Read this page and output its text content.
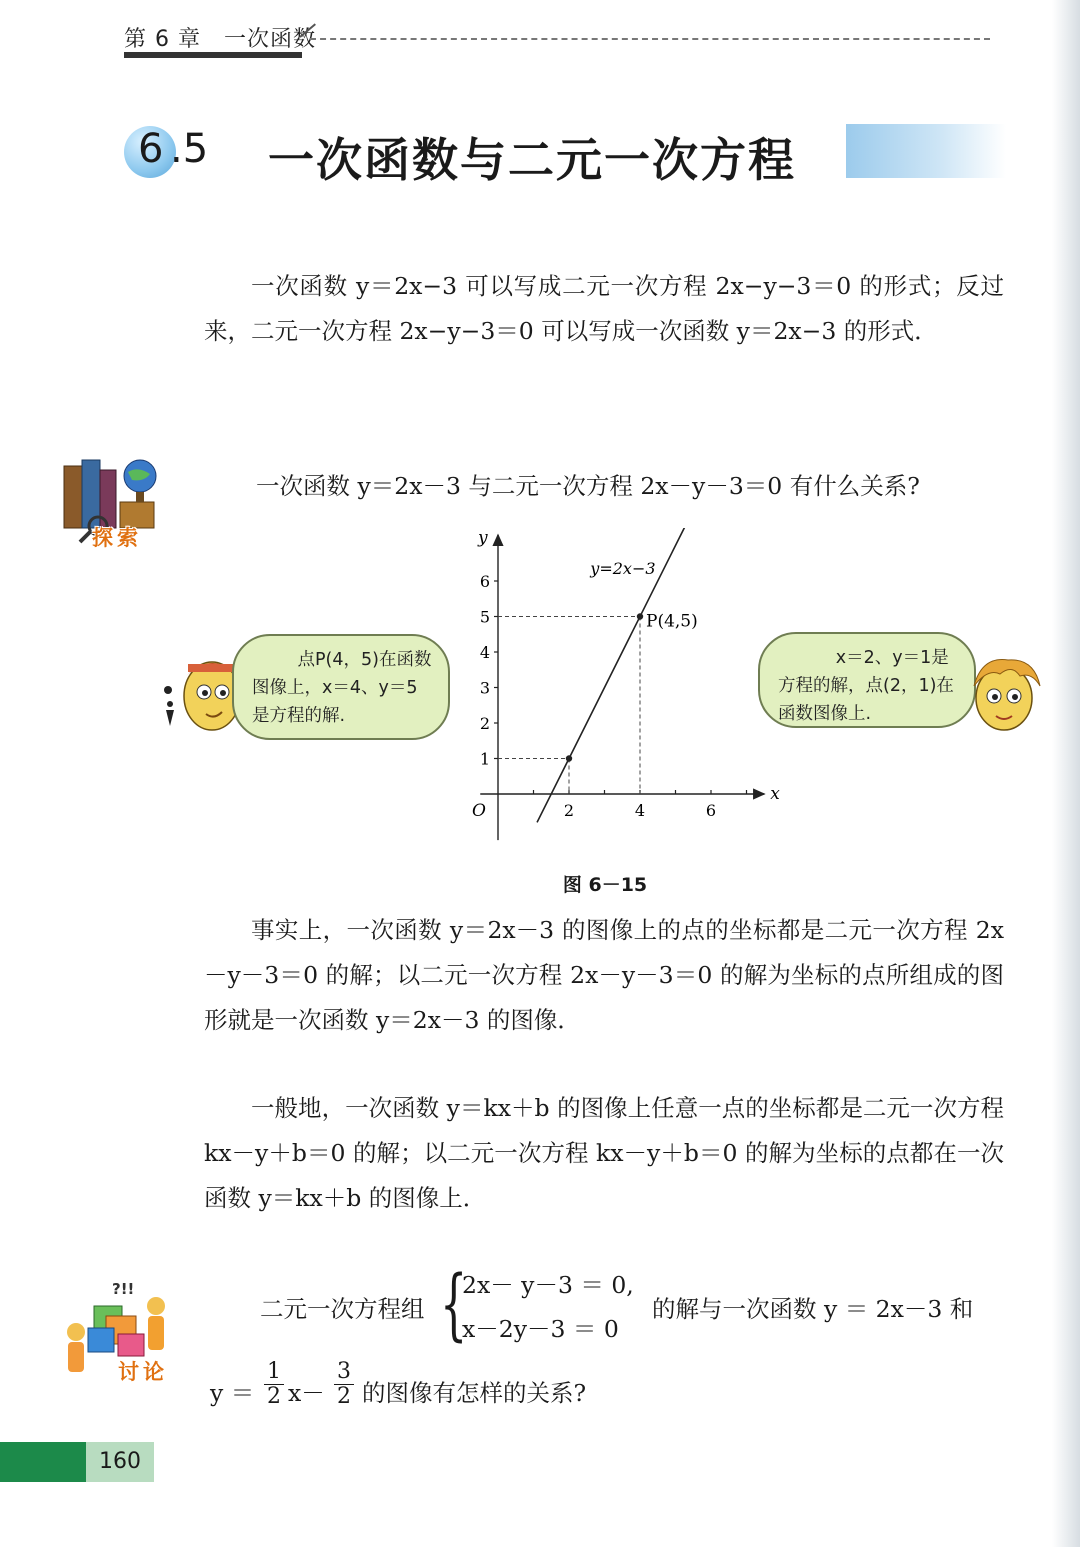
第 6 章　一次函数
6 .5 一次函数与二元一次方程
一次函数 y＝2x−3 可以写成二元一次方程 2x−y−3＝0 的形式；反过来，二元一次方程 2x−y−3＝0 可以写成一次函数 y＝2x−3 的形式．
探索
一次函数 y＝2x－3 与二元一次方程 2x－y－3＝0 有什么关系?
点P(4，5)在函数图像上，x＝4、y＝5是方程的解.
x＝2、y＝1是方程的解，点(2，1)在函数图像上.
y
x
O
y=2x−3
P(4,5)
1
2
3
4
5
6
2	4	6
图 6－15
事实上，一次函数 y＝2x－3 的图像上的点的坐标都是二元一次方程 2x－y－3＝0 的解；以二元一次方程 2x－y－3＝0 的解为坐标的点所组成的图形就是一次函数 y＝2x－3 的图像．
一般地，一次函数 y＝kx＋b 的图像上任意一点的坐标都是二元一次方程 kx－y＋b＝0 的解；以二元一次方程 kx－y＋b＝0 的解为坐标的点都在一次函数 y＝kx＋b 的图像上．
?!!
讨论
二元一次方程组 {
2x－ y－3 ＝ 0,
x－2y－3 ＝ 0
的解与一次函数 y ＝ 2x－3 和
$y = \frac{1}{2} x- \frac{3}{2}$ 的图像有怎样的关系?
160
